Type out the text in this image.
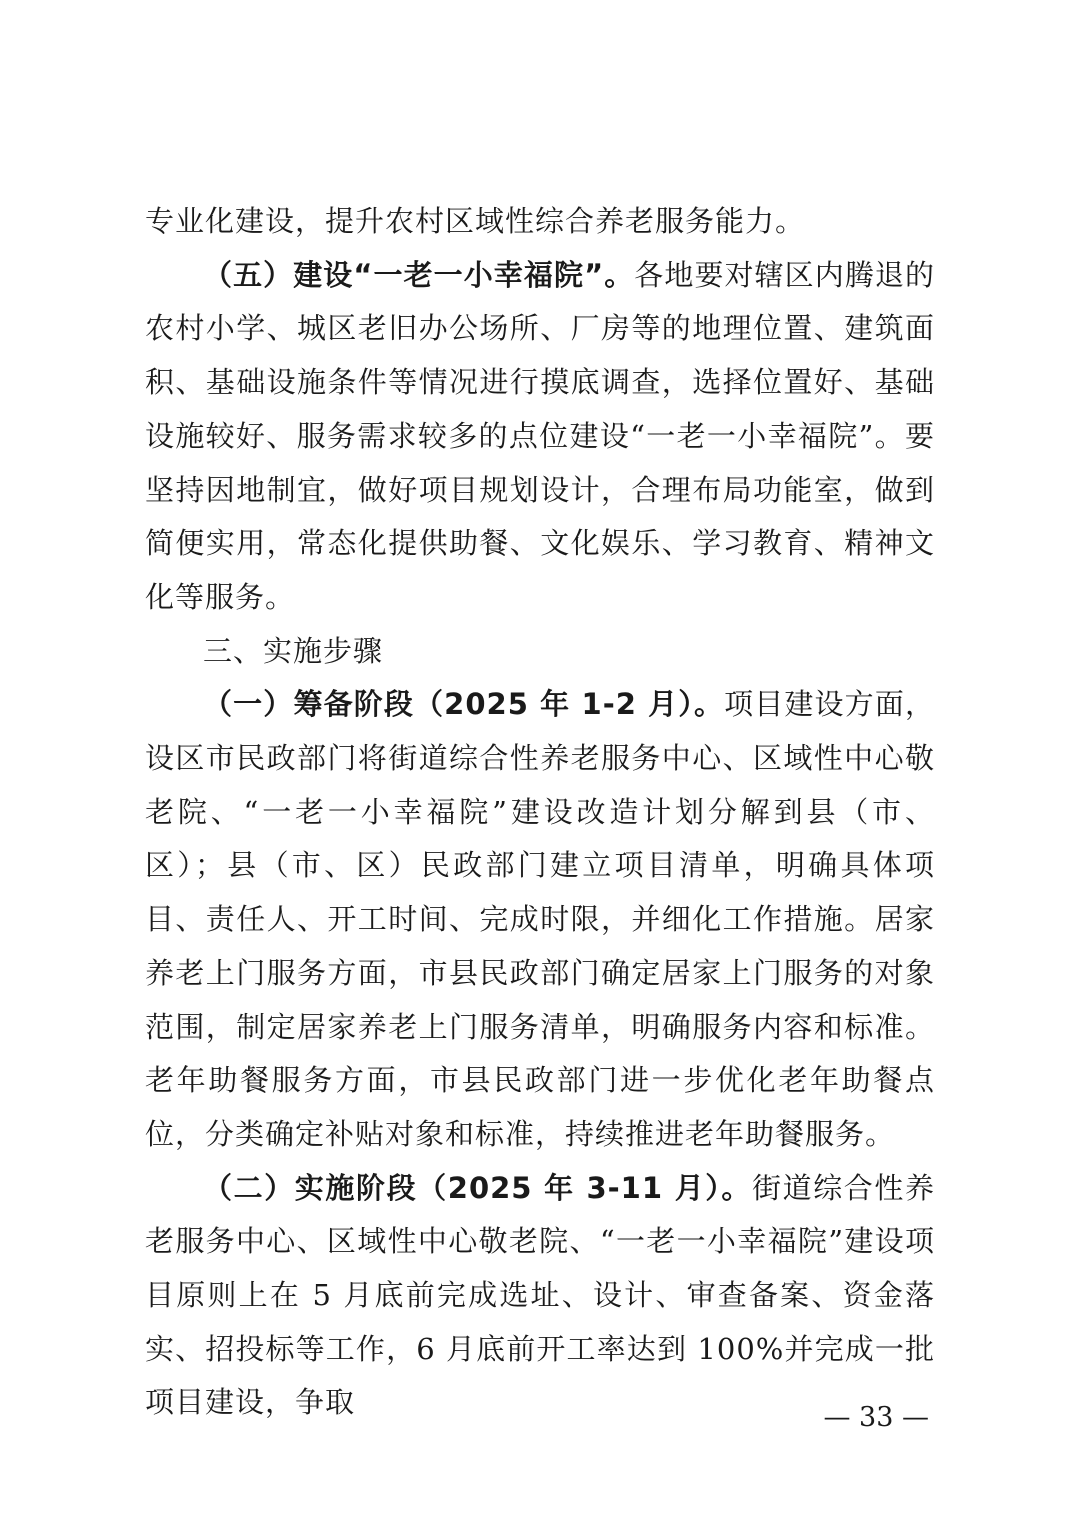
专业化建设，提升农村区域性综合养老服务能力。

（五）建设“一老一小幸福院”。各地要对辖区内腾退的农村小学、城区老旧办公场所、厂房等的地理位置、建筑面积、基础设施条件等情况进行摸底调查，选择位置好、基础设施较好、服务需求较多的点位建设“一老一小幸福院”。要坚持因地制宜，做好项目规划设计，合理布局功能室，做到简便实用，常态化提供助餐、文化娱乐、学习教育、精神文化等服务。

三、实施步骤

（一）筹备阶段（2025 年 1-2 月）。项目建设方面，设区市民政部门将街道综合性养老服务中心、区域性中心敬老院、“一老一小幸福院”建设改造计划分解到县（市、区）；县（市、区）民政部门建立项目清单，明确具体项目、责任人、开工时间、完成时限，并细化工作措施。居家养老上门服务方面，市县民政部门确定居家上门服务的对象范围，制定居家养老上门服务清单，明确服务内容和标准。老年助餐服务方面，市县民政部门进一步优化老年助餐点位，分类确定补贴对象和标准，持续推进老年助餐服务。

（二）实施阶段（2025 年 3-11 月）。街道综合性养老服务中心、区域性中心敬老院、“一老一小幸福院”建设项目原则上在 5 月底前完成选址、设计、审查备案、资金落实、招投标等工作，6 月底前开工率达到 100%并完成一批项目建设，争取	— 33 —
